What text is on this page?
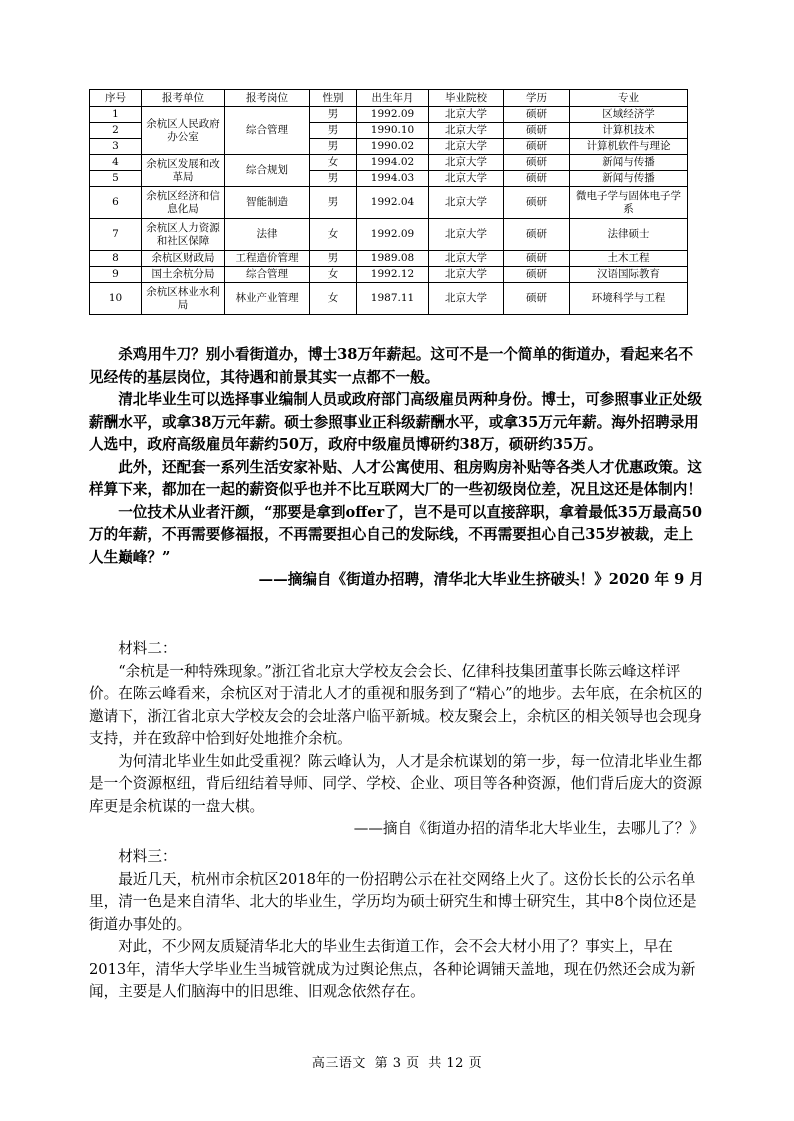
序号	报考单位	报考岗位	性别	出生年月	毕业院校	学历	专业
1	余杭区人民政府办公室	综合管理	男	1992.09	北京大学	硕研	区域经济学
2			男	1990.10	北京大学	硕研	计算机技术
3			男	1990.02	北京大学	硕研	计算机软件与理论
4	余杭区发展和改革局	综合规划	女	1994.02	北京大学	硕研	新闻与传播
5			男	1994.03	北京大学	硕研	新闻与传播
6	余杭区经济和信息化局	智能制造	男	1992.04	北京大学	硕研	微电子学与固体电子学系
7	余杭区人力资源和社区保障	法律	女	1992.09	北京大学	硕研	法律硕士
8	余杭区财政局	工程造价管理	男	1989.08	北京大学	硕研	土木工程
9	国土余杭分局	综合管理	女	1992.12	北京大学	硕研	汉语国际教育
10	余杭区林业水利局	林业产业管理	女	1987.11	北京大学	硕研	环境科学与工程

杀鸡用牛刀？别小看街道办，博士38万年薪起。这可不是一个简单的街道办，看起来名不见经传的基层岗位，其待遇和前景其实一点都不一般。

清北毕业生可以选择事业编制人员或政府部门高级雇员两种身份。博士，可参照事业正处级薪酬水平，或拿38万元年薪。硕士参照事业正科级薪酬水平，或拿35万元年薪。海外招聘录用人选中，政府高级雇员年薪约50万，政府中级雇员博研约38万，硕研约35万。

此外，还配套一系列生活安家补贴、人才公寓使用、租房购房补贴等各类人才优惠政策。这样算下来，都加在一起的薪资似乎也并不比互联网大厂的一些初级岗位差，况且这还是体制内！

一位技术从业者汗颜，“那要是拿到offer了，岂不是可以直接辞职，拿着最低35万最高50万的年薪，不再需要修福报，不再需要担心自己的发际线，不再需要担心自己35岁被裁，走上人生巅峰？”

——摘编自《街道办招聘，清华北大毕业生挤破头！》2020 年 9 月

材料二：

“余杭是一种特殊现象。”浙江省北京大学校友会会长、亿律科技集团董事长陈云峰这样评价。在陈云峰看来，余杭区对于清北人才的重视和服务到了“精心”的地步。去年底，在余杭区的邀请下，浙江省北京大学校友会的会址落户临平新城。校友聚会上，余杭区的相关领导也会现身支持，并在致辞中恰到好处地推介余杭。

为何清北毕业生如此受重视？陈云峰认为，人才是余杭谋划的第一步，每一位清北毕业生都是一个资源枢纽，背后纽结着导师、同学、学校、企业、项目等各种资源，他们背后庞大的资源库更是余杭谋的一盘大棋。

——摘自《街道办招的清华北大毕业生，去哪儿了？》

材料三：

最近几天，杭州市余杭区2018年的一份招聘公示在社交网络上火了。这份长长的公示名单里，清一色是来自清华、北大的毕业生，学历均为硕士研究生和博士研究生，其中8个岗位还是街道办事处的。

对此，不少网友质疑清华北大的毕业生去街道工作，会不会大材小用了？事实上，早在2013年，清华大学毕业生当城管就成为过舆论焦点，各种论调铺天盖地，现在仍然还会成为新闻，主要是人们脑海中的旧思维、旧观念依然存在。

高三语文 第 3 页 共 12 页
